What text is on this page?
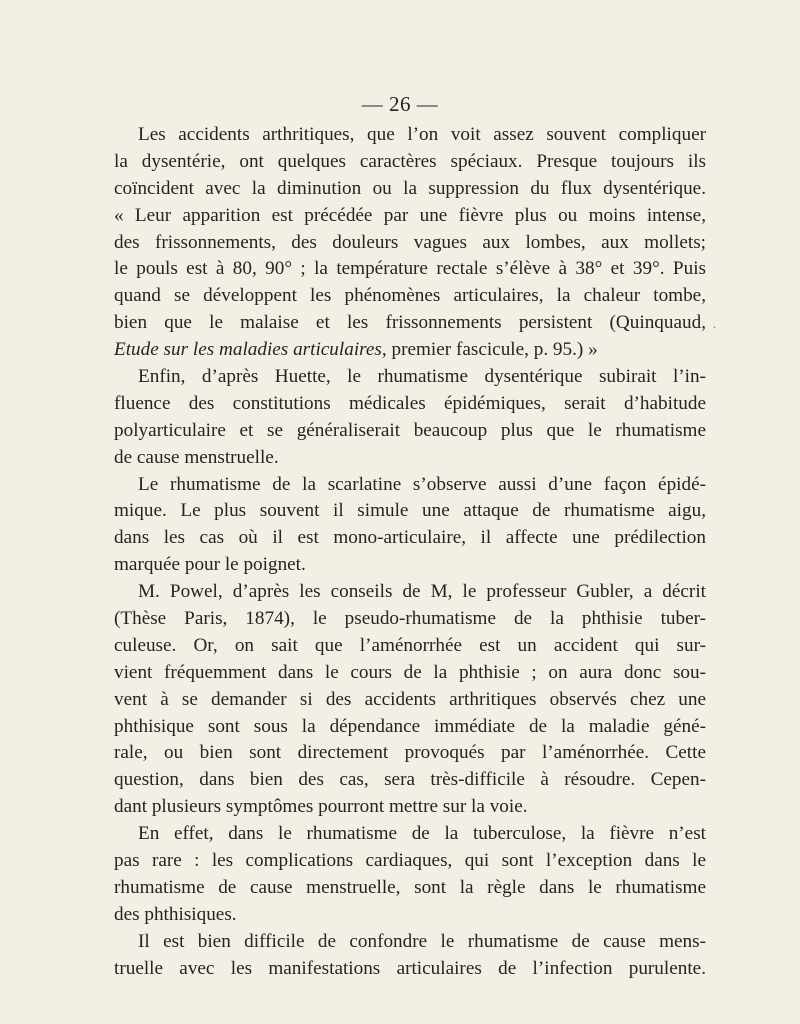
— 26 —
Les accidents arthritiques, que l’on voit assez souvent compliquer
la dysentérie, ont quelques caractères spéciaux. Presque toujours ils
coïncident avec la diminution ou la suppression du flux dysentérique.
« Leur apparition est précédée par une fièvre plus ou moins intense,
des frissonnements, des douleurs vagues aux lombes, aux mollets;
le pouls est à 80, 90° ; la température rectale s’élève à 38° et 39°. Puis
quand se développent les phénomènes articulaires, la chaleur tombe,
bien que le malaise et les frissonnements persistent (Quinquaud,
Etude sur les maladies articulaires, premier fascicule, p. 95.) »
Enfin, d’après Huette, le rhumatisme dysentérique subirait l’in-
fluence des constitutions médicales épidémiques, serait d’habitude
polyarticulaire et se généraliserait beaucoup plus que le rhumatisme
de cause menstruelle.
Le rhumatisme de la scarlatine s’observe aussi d’une façon épidé-
mique. Le plus souvent il simule une attaque de rhumatisme aigu,
dans les cas où il est mono-articulaire, il affecte une prédilection
marquée pour le poignet.
M. Powel, d’après les conseils de M, le professeur Gubler, a décrit
(Thèse Paris, 1874), le pseudo-rhumatisme de la phthisie tuber-
culeuse. Or, on sait que l’aménorrhée est un accident qui sur-
vient fréquemment dans le cours de la phthisie ; on aura donc sou-
vent à se demander si des accidents arthritiques observés chez une
phthisique sont sous la dépendance immédiate de la maladie géné-
rale, ou bien sont directement provoqués par l’aménorrhée. Cette
question, dans bien des cas, sera très-difficile à résoudre. Cepen-
dant plusieurs symptômes pourront mettre sur la voie.
En effet, dans le rhumatisme de la tuberculose, la fièvre n’est
pas rare : les complications cardiaques, qui sont l’exception dans le
rhumatisme de cause menstruelle, sont la règle dans le rhumatisme
des phthisiques.
Il est bien difficile de confondre le rhumatisme de cause mens-
truelle avec les manifestations articulaires de l’infection purulente.
.
